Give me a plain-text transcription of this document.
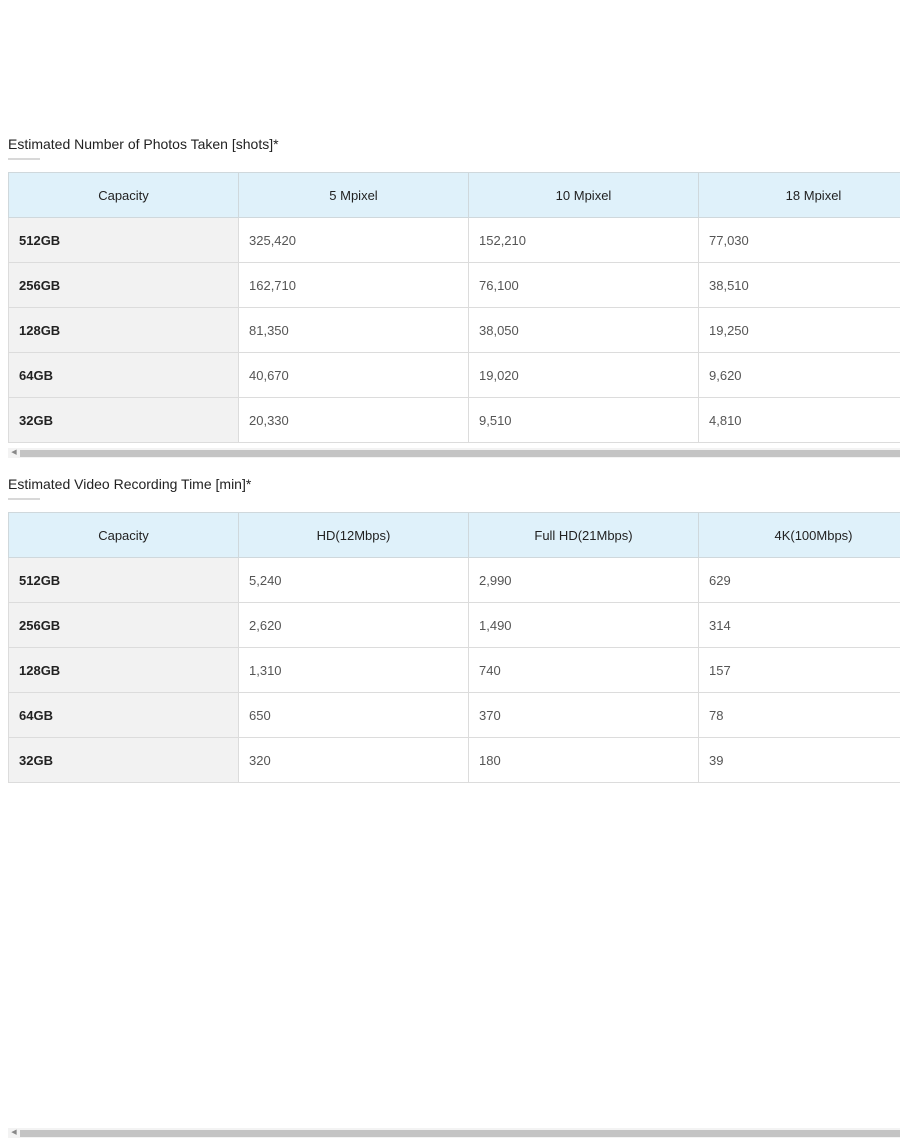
Estimated Number of Photos Taken [shots]*
Capacity	5 Mpixel	10 Mpixel	18 Mpixel
512GB	325,420	152,210	77,030
256GB	162,710	76,100	38,510
128GB	81,350	38,050	19,250
64GB	40,670	19,020	9,620
32GB	20,330	9,510	4,810
◀
Estimated Video Recording Time [min]*
Capacity	HD(12Mbps)	Full HD(21Mbps)	4K(100Mbps)
512GB	5,240	2,990	629
256GB	2,620	1,490	314
128GB	1,310	740	157
64GB	650	370	78
32GB	320	180	39
◀
